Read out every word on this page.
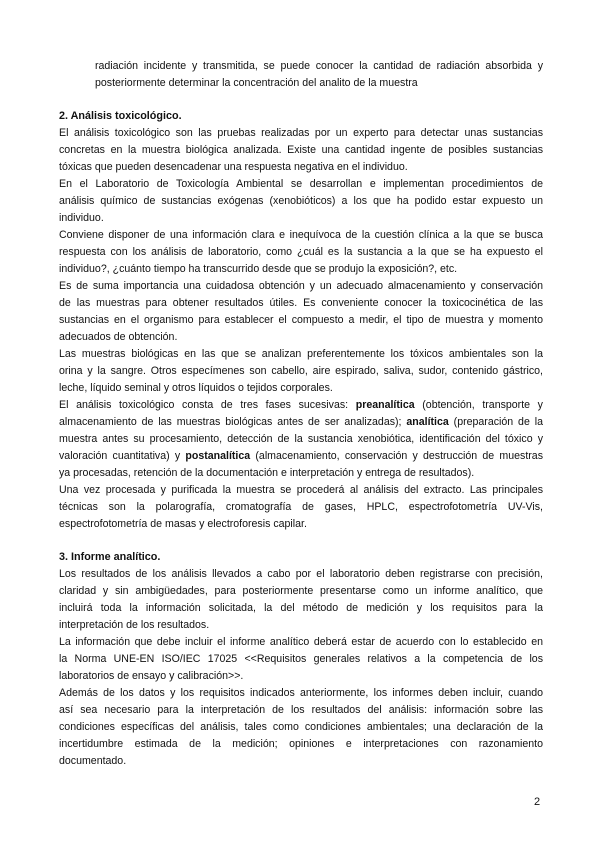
radiación incidente y transmitida, se puede conocer la cantidad de radiación absorbida y
posteriormente determinar la concentración del analito de la muestra
2. Análisis toxicológico.
El análisis toxicológico son las pruebas realizadas por un experto para detectar unas sustancias
concretas en la muestra biológica analizada. Existe una cantidad ingente de posibles sustancias
tóxicas que pueden desencadenar una respuesta negativa en el individuo.
En el Laboratorio de Toxicología Ambiental se desarrollan e implementan procedimientos de
análisis químico de sustancias exógenas (xenobióticos) a los que ha podido estar expuesto un
individuo.
Conviene disponer de una información clara e inequívoca de la cuestión clínica a la que se busca
respuesta con los análisis de laboratorio, como ¿cuál es la sustancia a la que se ha expuesto el
individuo?, ¿cuánto tiempo ha transcurrido desde que se produjo la exposición?, etc.
Es de suma importancia una cuidadosa obtención y un adecuado almacenamiento y conservación
de las muestras para obtener resultados útiles. Es conveniente conocer la toxicocinética de las
sustancias en el organismo para establecer el compuesto a medir, el tipo de muestra y momento
adecuados de obtención.
Las muestras biológicas en las que se analizan preferentemente los tóxicos ambientales son la
orina y la sangre. Otros especímenes son cabello, aire espirado, saliva, sudor, contenido gástrico,
leche, líquido seminal y otros líquidos o tejidos corporales.
El análisis toxicológico consta de tres fases sucesivas: preanalítica (obtención, transporte y
almacenamiento de las muestras biológicas antes de ser analizadas); analítica (preparación de la
muestra antes su procesamiento, detección de la sustancia xenobiótica, identificación del tóxico y
valoración cuantitativa) y postanalítica (almacenamiento, conservación y destrucción de muestras
ya procesadas, retención de la documentación e interpretación y entrega de resultados).
Una vez procesada y purificada la muestra se procederá al análisis del extracto. Las principales
técnicas son la polarografía, cromatografía de gases, HPLC, espectrofotometría UV-Vis,
espectrofotometría de masas y electroforesis capilar.
3. Informe analítico.
Los resultados de los análisis llevados a cabo por el laboratorio deben registrarse con precisión,
claridad y sin ambigüedades, para posteriormente presentarse como un informe analítico, que
incluirá toda la información solicitada, la del método de medición y los requisitos para la
interpretación de los resultados.
La información que debe incluir el informe analítico deberá estar de acuerdo con lo establecido en
la Norma UNE-EN ISO/IEC 17025 <<Requisitos generales relativos a la competencia de los
laboratorios de ensayo y calibración>>.
Además de los datos y los requisitos indicados anteriormente, los informes deben incluir, cuando
así sea necesario para la interpretación de los resultados del análisis: información sobre las
condiciones específicas del análisis, tales como condiciones ambientales; una declaración de la
incertidumbre estimada de la medición; opiniones e interpretaciones con razonamiento
documentado.
2
